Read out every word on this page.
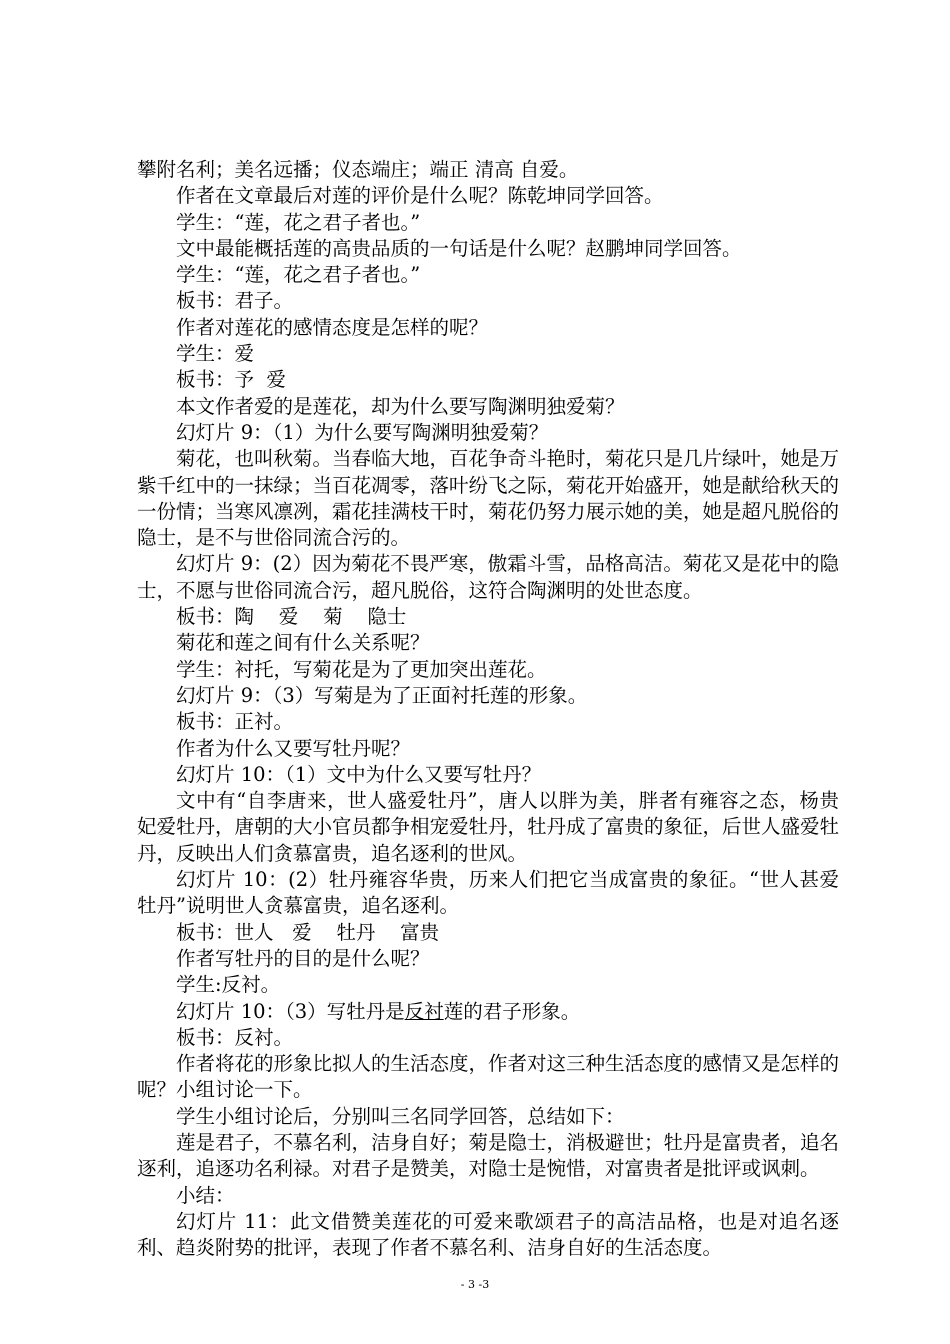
攀附名利；美名远播；仪态端庄；端正 清高 自爱。

作者在文章最后对莲的评价是什么呢？陈乾坤同学回答。

学生：“莲，花之君子者也。”

文中最能概括莲的高贵品质的一句话是什么呢？赵鹏坤同学回答。

学生：“莲，花之君子者也。”

板书：君子。

作者对莲花的感情态度是怎样的呢？

学生：爱

板书：予  爱

本文作者爱的是莲花，却为什么要写陶渊明独爱菊？

幻灯片 9：（1）为什么要写陶渊明独爱菊？

菊花，也叫秋菊。当春临大地，百花争奇斗艳时，菊花只是几片绿叶，她是万紫千红中的一抹绿；当百花凋零，落叶纷飞之际，菊花开始盛开，她是献给秋天的一份情；当寒风凛冽，霜花挂满枝干时，菊花仍努力展示她的美，她是超凡脱俗的隐士，是不与世俗同流合污的。

幻灯片 9：(2）因为菊花不畏严寒，傲霜斗雪，品格高洁。菊花又是花中的隐士，不愿与世俗同流合污，超凡脱俗，这符合陶渊明的处世态度。

板书：陶    爱    菊    隐士

菊花和莲之间有什么关系呢？

学生：衬托，写菊花是为了更加突出莲花。

幻灯片 9：（3）写菊是为了正面衬托莲的形象。

板书：正衬。

作者为什么又要写牡丹呢？

幻灯片 10：（1）文中为什么又要写牡丹？

文中有“自李唐来，世人盛爱牡丹”，唐人以胖为美，胖者有雍容之态，杨贵妃爱牡丹，唐朝的大小官员都争相宠爱牡丹，牡丹成了富贵的象征，后世人盛爱牡丹，反映出人们贪慕富贵，追名逐利的世风。

幻灯片 10：(2）牡丹雍容华贵，历来人们把它当成富贵的象征。“世人甚爱牡丹”说明世人贪慕富贵，追名逐利。

板书：世人   爱    牡丹    富贵

作者写牡丹的目的是什么呢？

学生:反衬。

幻灯片 10：（3）写牡丹是反衬莲的君子形象。

板书：反衬。

作者将花的形象比拟人的生活态度，作者对这三种生活态度的感情又是怎样的呢？小组讨论一下。

学生小组讨论后，分别叫三名同学回答，总结如下：

莲是君子，不慕名利，洁身自好；菊是隐士，消极避世；牡丹是富贵者，追名逐利，追逐功名利禄。对君子是赞美，对隐士是惋惜，对富贵者是批评或讽刺。

小结：

幻灯片 11：此文借赞美莲花的可爱来歌颂君子的高洁品格，也是对追名逐利、趋炎附势的批评，表现了作者不慕名利、洁身自好的生活态度。

- 3 -3
